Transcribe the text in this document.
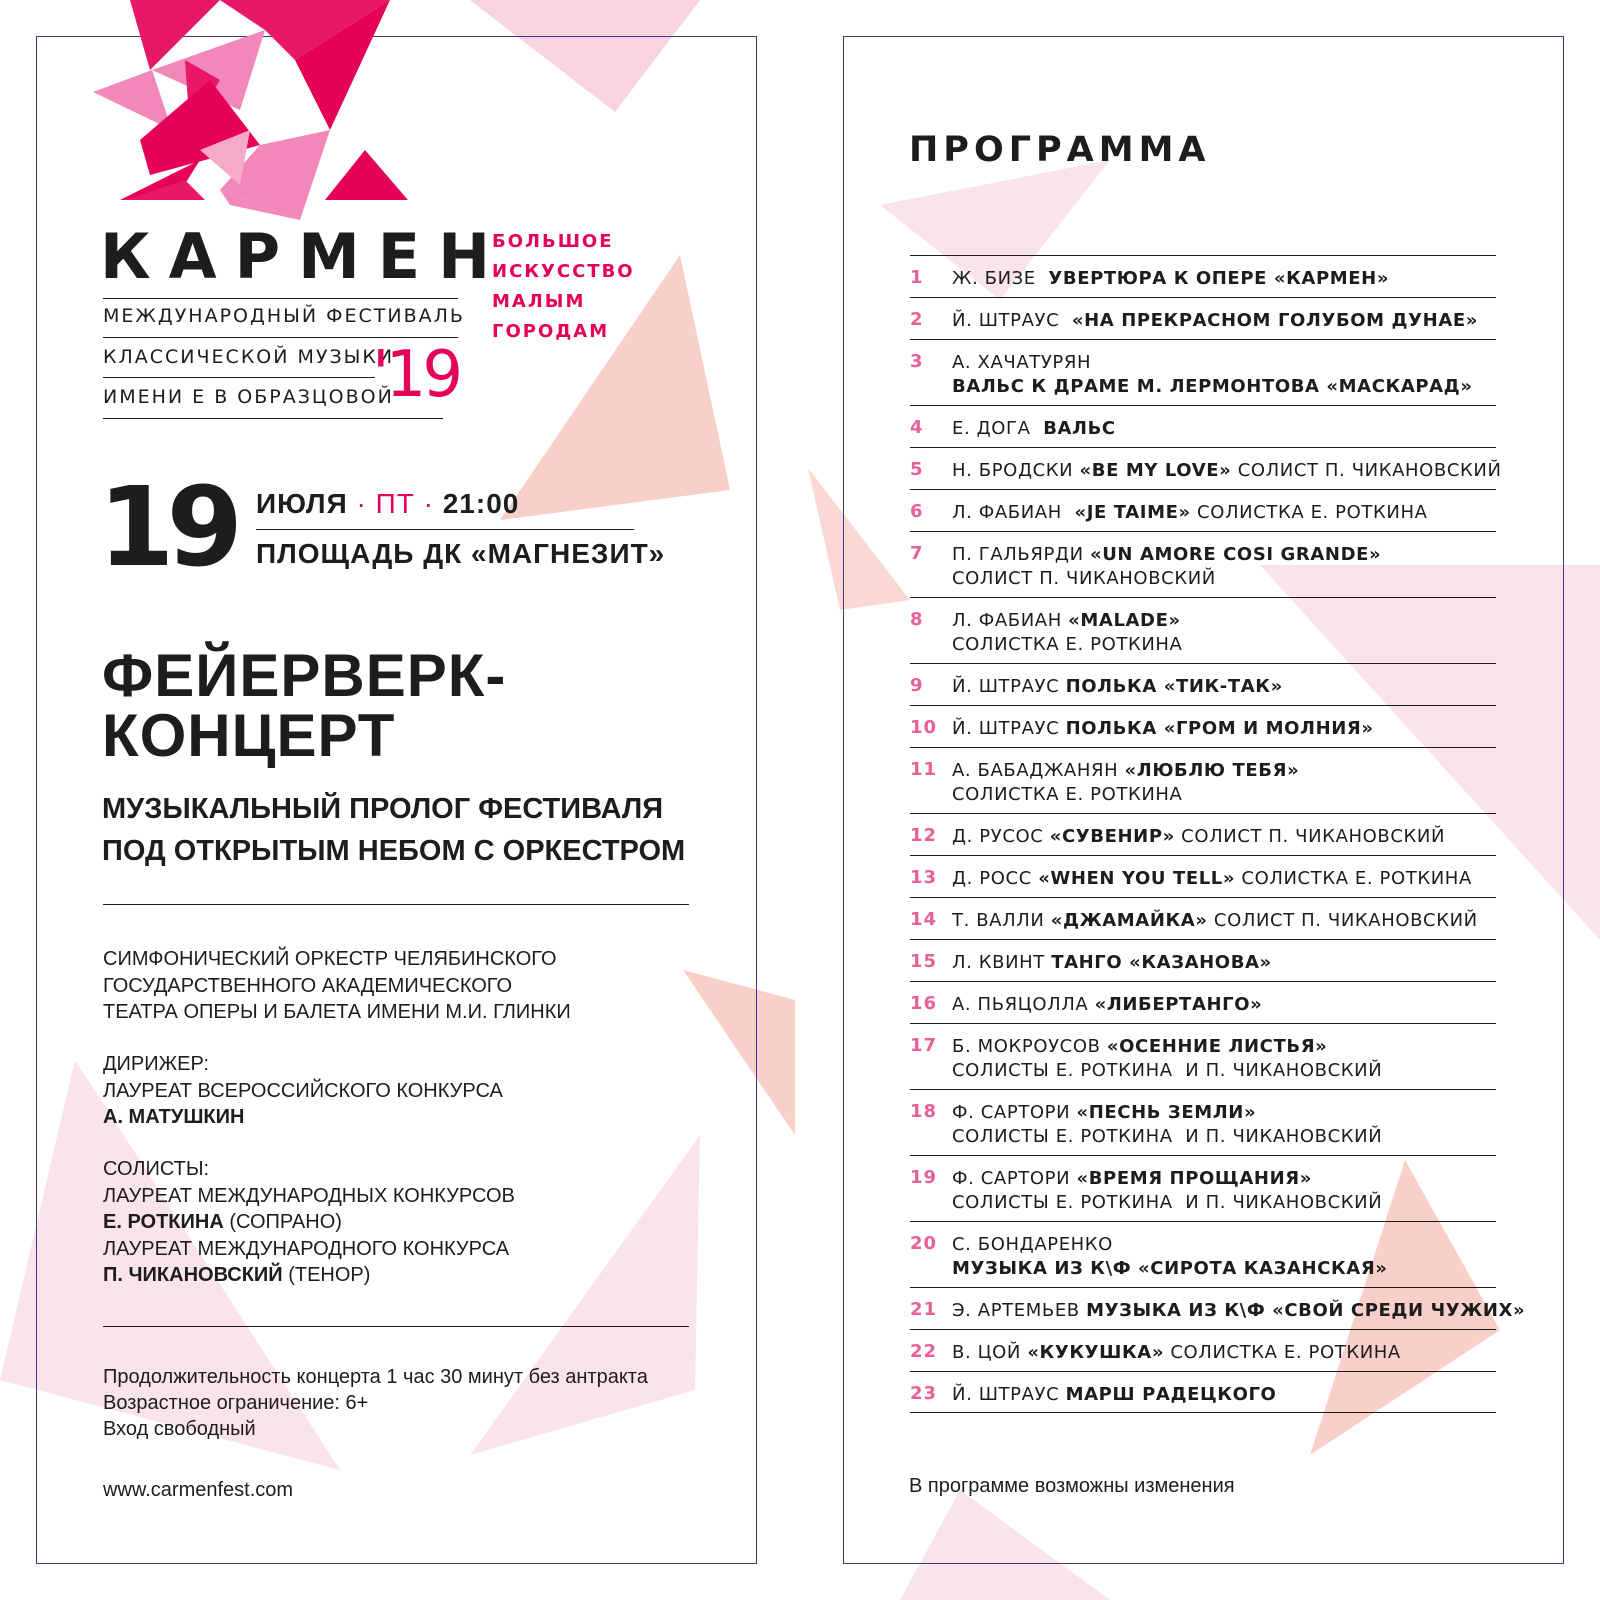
КАРМЕН
МЕЖДУНАРОДНЫЙ ФЕСТИВАЛЬ
КЛАССИЧЕСКОЙ МУЗЫКИ
ИМЕНИ Е В ОБРАЗЦОВОЙ
'19
БОЛЬШОЕ
ИСКУССТВО
МАЛЫМ
ГОРОДАМ
19 ИЮЛЯ · ПТ · 21:00
ПЛОЩАДЬ ДК «МАГНЕЗИТ»
ФЕЙЕРВЕРК-
КОНЦЕРТ
МУЗЫКАЛЬНЫЙ ПРОЛОГ ФЕСТИВАЛЯ
ПОД ОТКРЫТЫМ НЕБОМ С ОРКЕСТРОМ
СИМФОНИЧЕСКИЙ ОРКЕСТР ЧЕЛЯБИНСКОГО
ГОСУДАРСТВЕННОГО АКАДЕМИЧЕСКОГО
ТЕАТРА ОПЕРЫ И БАЛЕТА ИМЕНИ М.И. ГЛИНКИ
ДИРИЖЕР:
ЛАУРЕАТ ВСЕРОССИЙСКОГО КОНКУРСА
А. МАТУШКИН
СОЛИСТЫ:
ЛАУРЕАТ МЕЖДУНАРОДНЫХ КОНКУРСОВ
Е. РОТКИНА (СОПРАНО)
ЛАУРЕАТ МЕЖДУНАРОДНОГО КОНКУРСА
П. ЧИКАНОВСКИЙ (ТЕНОР)
Продолжительность концерта 1 час 30 минут без антракта
Возрастное ограничение: 6+
Вход свободный
www.carmenfest.com
ПРОГРАММА
1 Ж. БИЗЕ  УВЕРТЮРА К ОПЕРЕ «КАРМЕН»
2 Й. ШТРАУС  «НА ПРЕКРАСНОМ ГОЛУБОМ ДУНАЕ»
3 А. ХАЧАТУРЯН
ВАЛЬС К ДРАМЕ М. ЛЕРМОНТОВА «МАСКАРАД»
4 Е. ДОГА  ВАЛЬС
5 Н. БРОДСКИ «BE MY LOVE» СОЛИСТ П. ЧИКАНОВСКИЙ
6 Л. ФАБИАН  «JE TAIME» СОЛИСТКА Е. РОТКИНА
7 П. ГАЛЬЯРДИ «UN AMORE COSI GRANDE»
СОЛИСТ П. ЧИКАНОВСКИЙ
8 Л. ФАБИАН «MALADE»
СОЛИСТКА Е. РОТКИНА
9 Й. ШТРАУС ПОЛЬКА «ТИК-ТАК»
10 Й. ШТРАУС ПОЛЬКА «ГРОМ И МОЛНИЯ»
11 А. БАБАДЖАНЯН «ЛЮБЛЮ ТЕБЯ»
СОЛИСТКА Е. РОТКИНА
12 Д. РУСОС «СУВЕНИР» СОЛИСТ П. ЧИКАНОВСКИЙ
13 Д. РОСС «WHEN YOU TELL» СОЛИСТКА Е. РОТКИНА
14 Т. ВАЛЛИ «ДЖАМАЙКА» СОЛИСТ П. ЧИКАНОВСКИЙ
15 Л. КВИНТ ТАНГО «КАЗАНОВА»
16 А. ПЬЯЦОЛЛА «ЛИБЕРТАНГО»
17 Б. МОКРОУСОВ «ОСЕННИЕ ЛИСТЬЯ»
СОЛИСТЫ Е. РОТКИНА  И П. ЧИКАНОВСКИЙ
18 Ф. САРТОРИ «ПЕСНЬ ЗЕМЛИ»
СОЛИСТЫ Е. РОТКИНА  И П. ЧИКАНОВСКИЙ
19 Ф. САРТОРИ «ВРЕМЯ ПРОЩАНИЯ»
СОЛИСТЫ Е. РОТКИНА  И П. ЧИКАНОВСКИЙ
20 С. БОНДАРЕНКО
МУЗЫКА ИЗ К\Ф «СИРОТА КАЗАНСКАЯ»
21 Э. АРТЕМЬЕВ МУЗЫКА ИЗ К\Ф «СВОЙ СРЕДИ ЧУЖИХ»
22 В. ЦОЙ «КУКУШКА» СОЛИСТКА Е. РОТКИНА
23 Й. ШТРАУС МАРШ РАДЕЦКОГО
В программе возможны изменения
